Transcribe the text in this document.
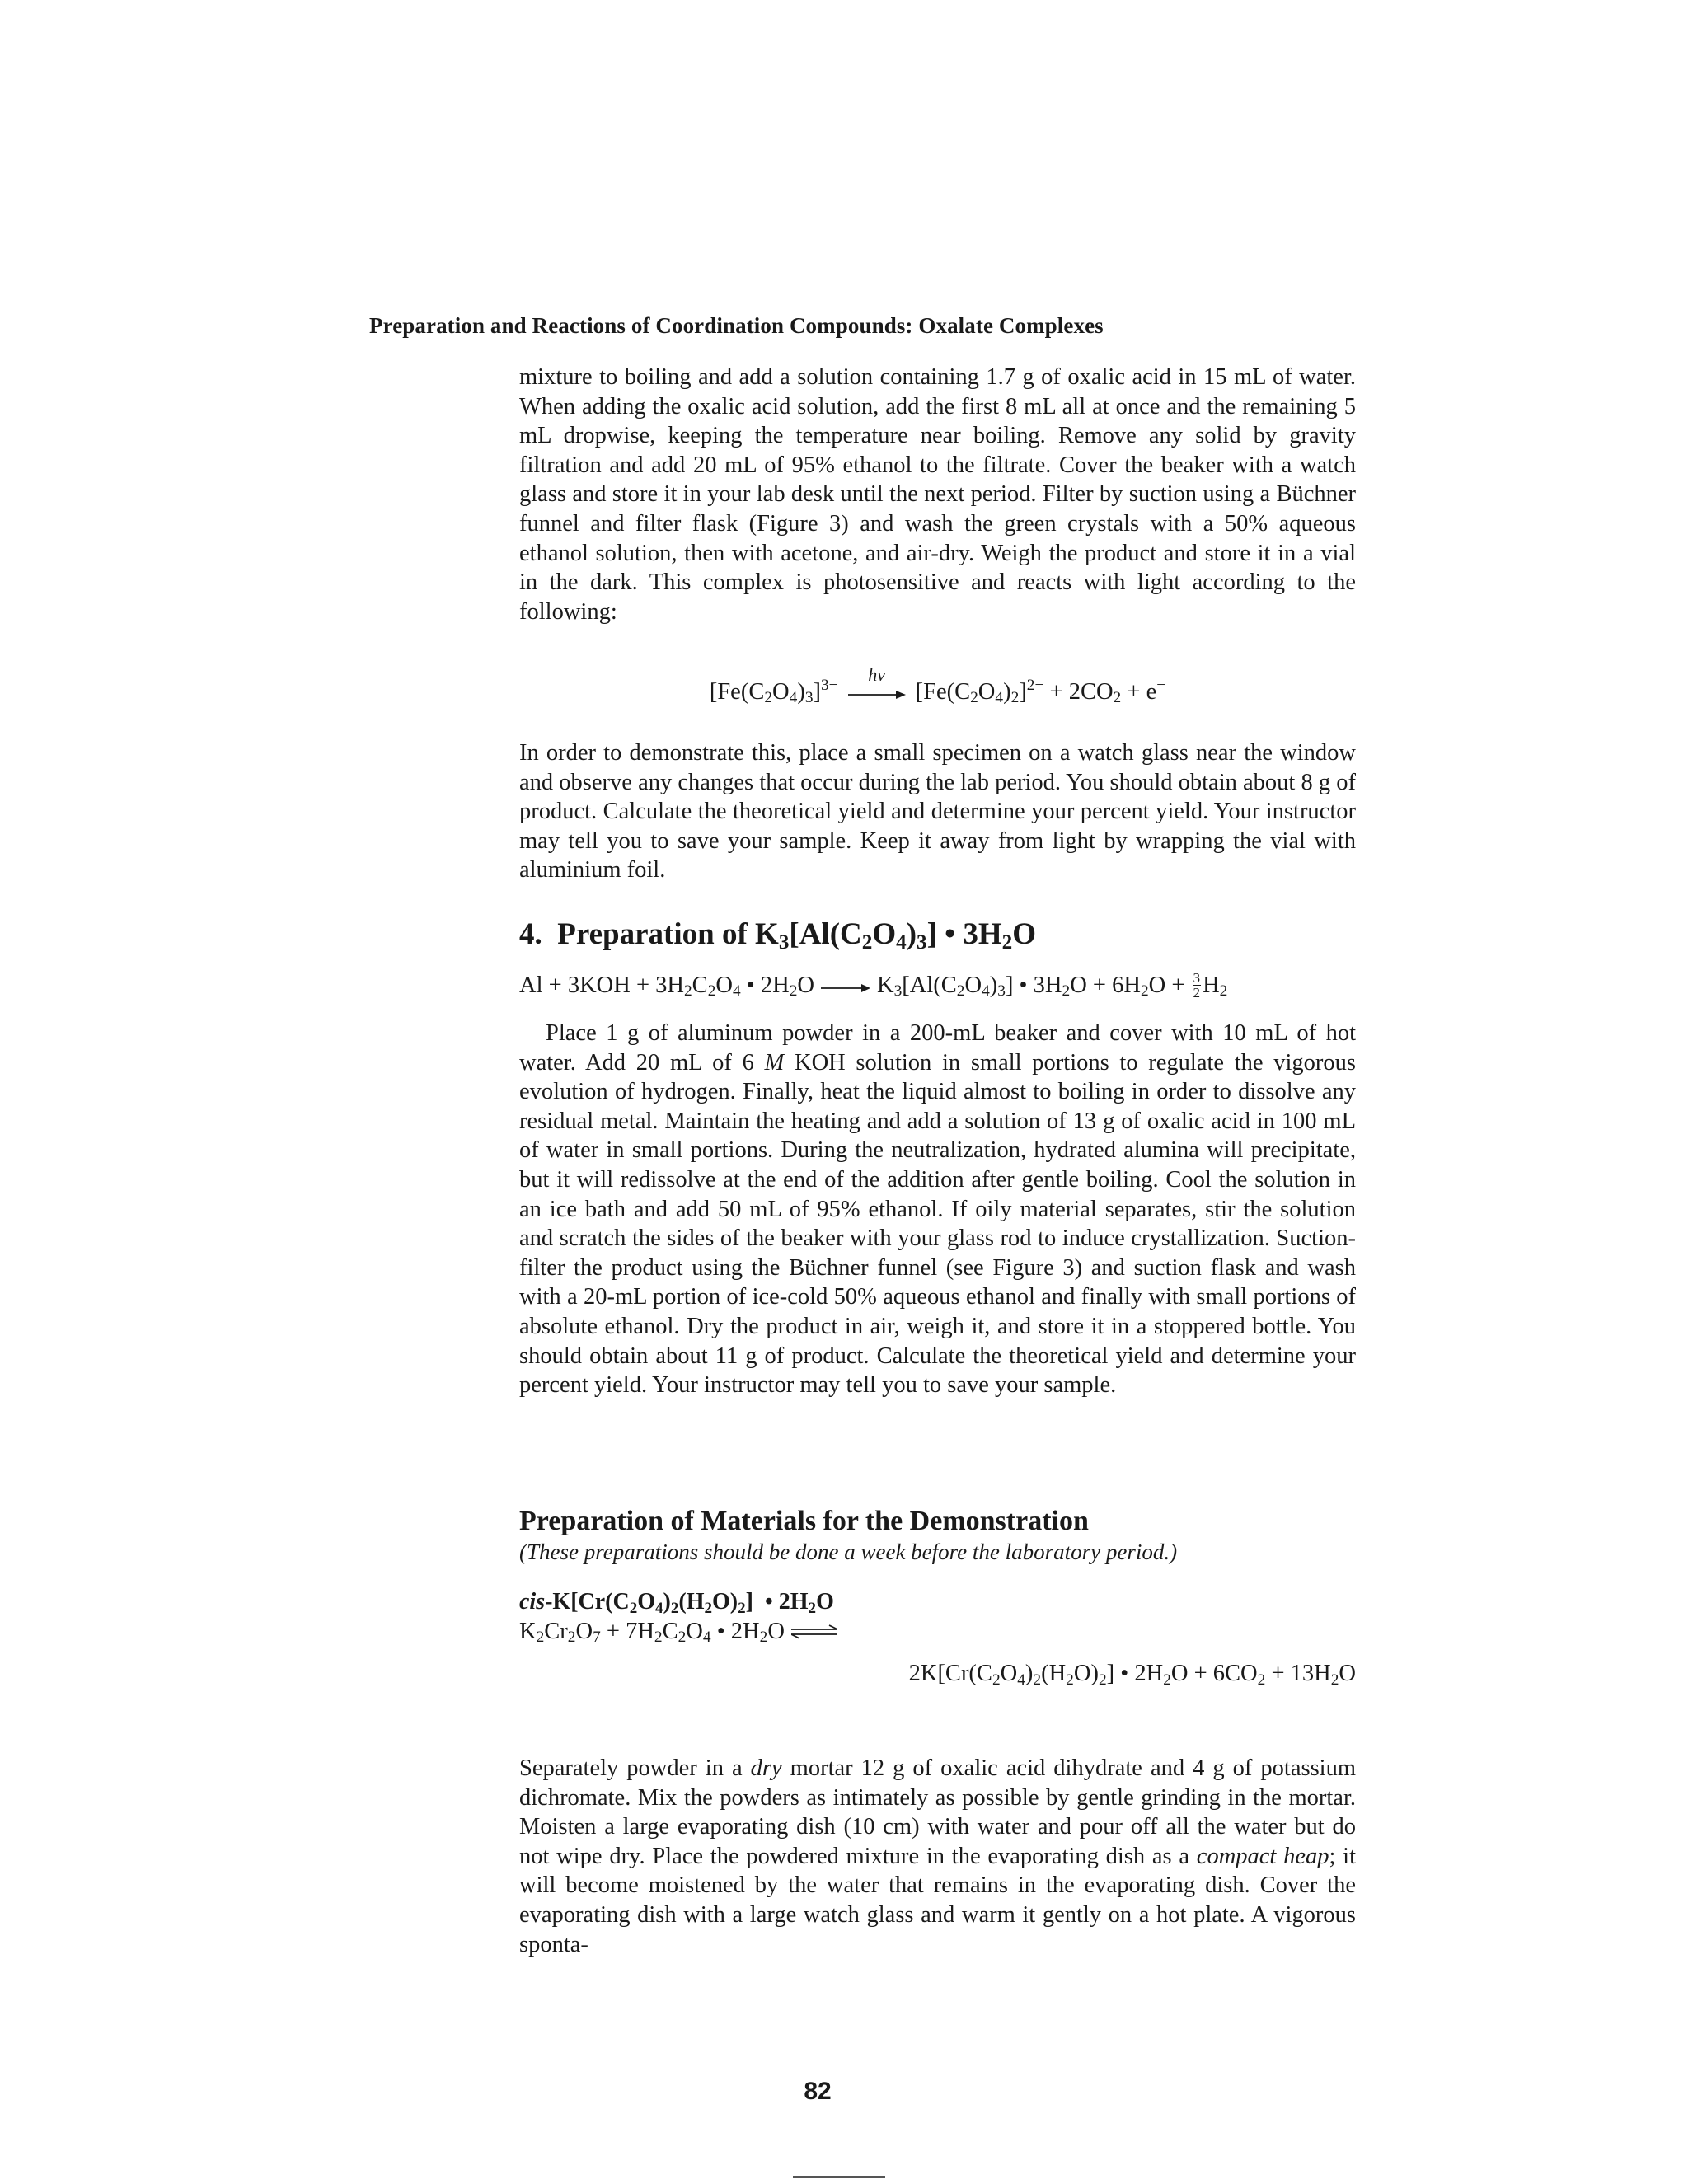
Preparation and Reactions of Coordination Compounds: Oxalate Complexes

mixture to boiling and add a solution containing 1.7 g of oxalic acid in 15 mL of water. When adding the oxalic acid solution, add the first 8 mL all at once and the remaining 5 mL dropwise, keeping the temperature near boiling. Remove any solid by gravity filtration and add 20 mL of 95% ethanol to the filtrate. Cover the beaker with a watch glass and store it in your lab desk until the next period. Filter by suction using a Büchner funnel and filter flask (Figure 3) and wash the green crystals with a 50% aqueous ethanol solution, then with acetone, and air-dry. Weigh the product and store it in a vial in the dark. This complex is photosensitive and reacts with light according to the following:

$[Fe(C_2O_4)_3]^{3-}$
hν
$[Fe(C_2O_4)_2]^{2-} + 2CO_2 + e^-$

In order to demonstrate this, place a small specimen on a watch glass near the window and observe any changes that occur during the lab period. You should obtain about 8 g of product. Calculate the theoretical yield and determine your percent yield. Your instructor may tell you to save your sample. Keep it away from light by wrapping the vial with aluminium foil.

4. Preparation of $K_3[Al(C_2O_4)_3]$ • $3H_2O$

$Al + 3KOH + 3H_2C_2O_4$ • $2H_2O \to K_3[Al(C_2O_4)_3]$ • $3H_2O + 6H_2O + \frac{3}{2} H_2$

Place 1 g of aluminum powder in a 200-mL beaker and cover with 10 mL of hot water. Add 20 mL of 6 M KOH solution in small portions to regulate the vigorous evolution of hydrogen. Finally, heat the liquid almost to boiling in order to dissolve any residual metal. Maintain the heating and add a solution of 13 g of oxalic acid in 100 mL of water in small portions. During the neutralization, hydrated alumina will precipitate, but it will redissolve at the end of the addition after gentle boiling. Cool the solution in an ice bath and add 50 mL of 95% ethanol. If oily material separates, stir the solution and scratch the sides of the beaker with your glass rod to induce crystallization. Suction-filter the product using the Büchner funnel (see Figure 3) and suction flask and wash with a 20-mL portion of ice-cold 50% aqueous ethanol and finally with small portions of absolute ethanol. Dry the product in air, weigh it, and store it in a stoppered bottle. You should obtain about 11 g of product. Calculate the theoretical yield and determine your percent yield. Your instructor may tell you to save your sample.

Preparation of Materials for the Demonstration

(These preparations should be done a week before the laboratory period.)

cis-$K[Cr(C_2O_4)_2(H_2O)_2]$  • $2H_2O$

$K_2Cr_2O_7 + 7H_2C_2O_4$ • $2H_2O$ ⇌
$2K[Cr(C_2O_4)_2(H_2O)_2]$ • $2H_2O + 6CO_2 + 13H_2O$

Separately powder in a dry mortar 12 g of oxalic acid dihydrate and 4 g of potassium dichromate. Mix the powders as intimately as possible by gentle grinding in the mortar. Moisten a large evaporating dish (10 cm) with water and pour off all the water but do not wipe dry. Place the powdered mixture in the evaporating dish as a compact heap; it will become moistened by the water that remains in the evaporating dish. Cover the evaporating dish with a large watch glass and warm it gently on a hot plate. A vigorous sponta-

82
